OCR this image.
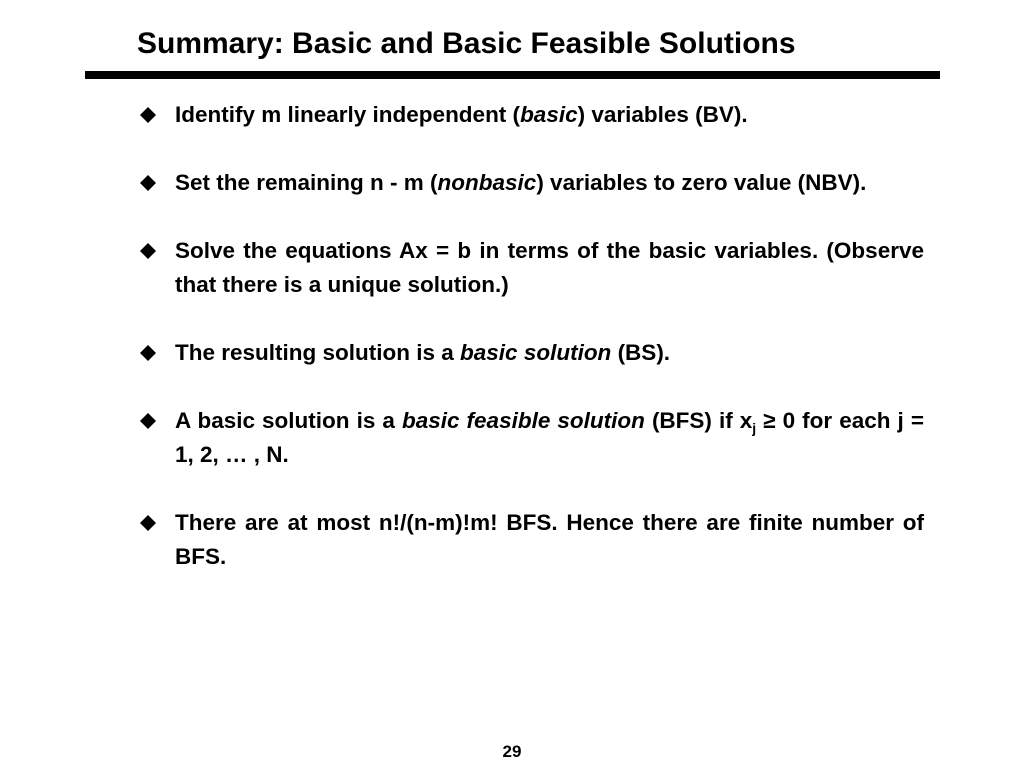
Summary: Basic and Basic Feasible Solutions
Identify m linearly independent (basic) variables (BV).
Set the remaining n - m (nonbasic) variables to zero value (NBV).
Solve the equations Ax = b in terms of the basic variables. (Observe that there is a unique solution.)
The resulting solution is a basic solution (BS).
A basic solution is a basic feasible solution (BFS) if $x_j \ge 0$ for each j = 1, 2, … , N.
There are at most n!/(n-m)!m! BFS. Hence there are finite number of BFS.
29
